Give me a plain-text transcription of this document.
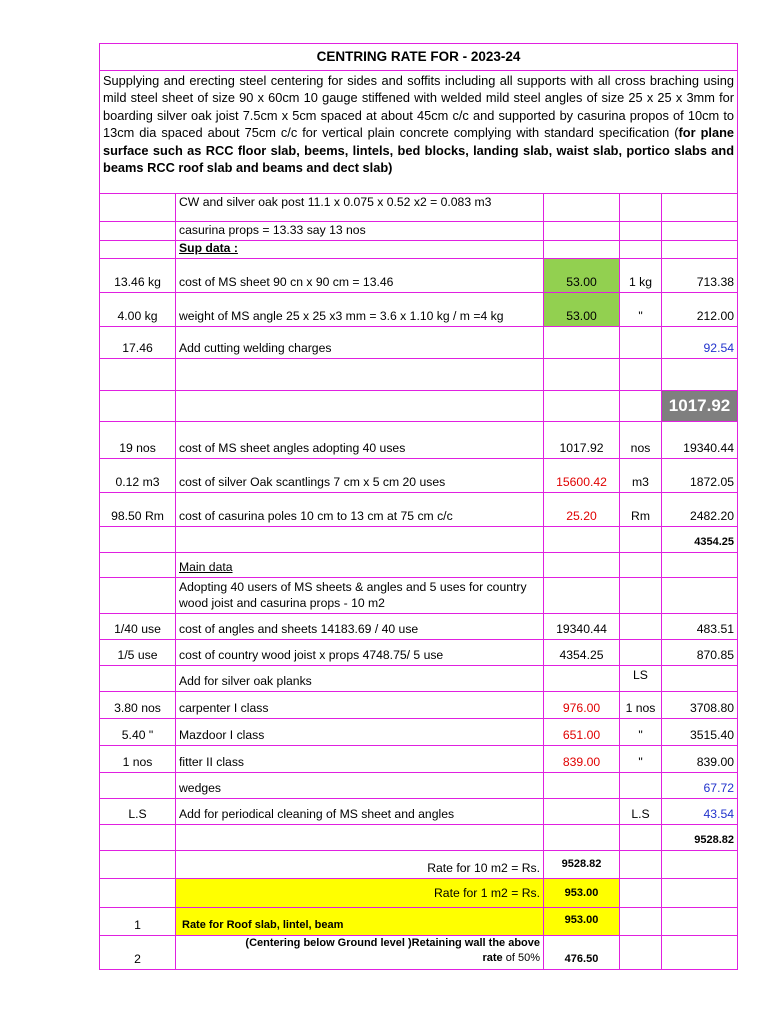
CENTRING RATE FOR - 2023-24				
Supplying and erecting steel centering for sides and soffits including all supports with all cross braching using mild steel sheet of size 90 x 60cm 10 gauge stiffened with welded mild steel angles of size 25 x 25 x 3mm for boarding silver oak joist 7.5cm x 5cm spaced at about 45cm c/c and supported by casurina propos of 10cm to 13cm dia spaced about 75cm c/c for vertical plain concrete complying with standard specification (for plane surface such as RCC floor slab, beems, lintels, bed blocks, landing slab, waist slab, portico slabs and beams RCC roof slab and beams and dect slab)				
	CW and silver oak post 11.1 x 0.075 x 0.52 x2 = 0.083 m3			
	casurina props = 13.33 say 13 nos			
	Sup data :			
13.46 kg	cost of MS sheet 90 cn x 90 cm = 13.46	53.00	1 kg	713.38
4.00 kg	weight of MS angle 25 x 25 x3 mm = 3.6 x 1.10 kg / m =4 kg	53.00	"	212.00
17.46	Add cutting welding charges			92.54

				1017.92
19 nos	cost of MS sheet angles adopting 40 uses	1017.92	nos	19340.44
0.12 m3	cost of silver Oak scantlings 7 cm x 5 cm 20 uses	15600.42	m3	1872.05
98.50 Rm	cost of casurina poles 10 cm to 13 cm at 75 cm c/c	25.20	Rm	2482.20
				4354.25
	Main data			
	Adopting 40 users of MS sheets & angles and 5 uses for country wood joist and casurina props - 10 m2			
1/40 use	cost of angles and sheets 14183.69 / 40 use	19340.44		483.51
1/5 use	cost of country wood joist x props 4748.75/ 5 use	4354.25		870.85
	Add for silver oak planks		LS	
3.80 nos	carpenter I class	976.00	1 nos	3708.80
5.40 "	Mazdoor I class	651.00	"	3515.40
1 nos	fitter II class	839.00	"	839.00
	wedges			67.72
L.S	Add for periodical cleaning of MS sheet and angles		L.S	43.54
				9528.82
	Rate for 10 m2 = Rs.	9528.82		
	Rate for 1 m2 = Rs.	953.00		
1	Rate for Roof slab, lintel, beam	953.00		
2	(Centering below Ground level )Retaining wall the above
rate of 50%	476.50		
